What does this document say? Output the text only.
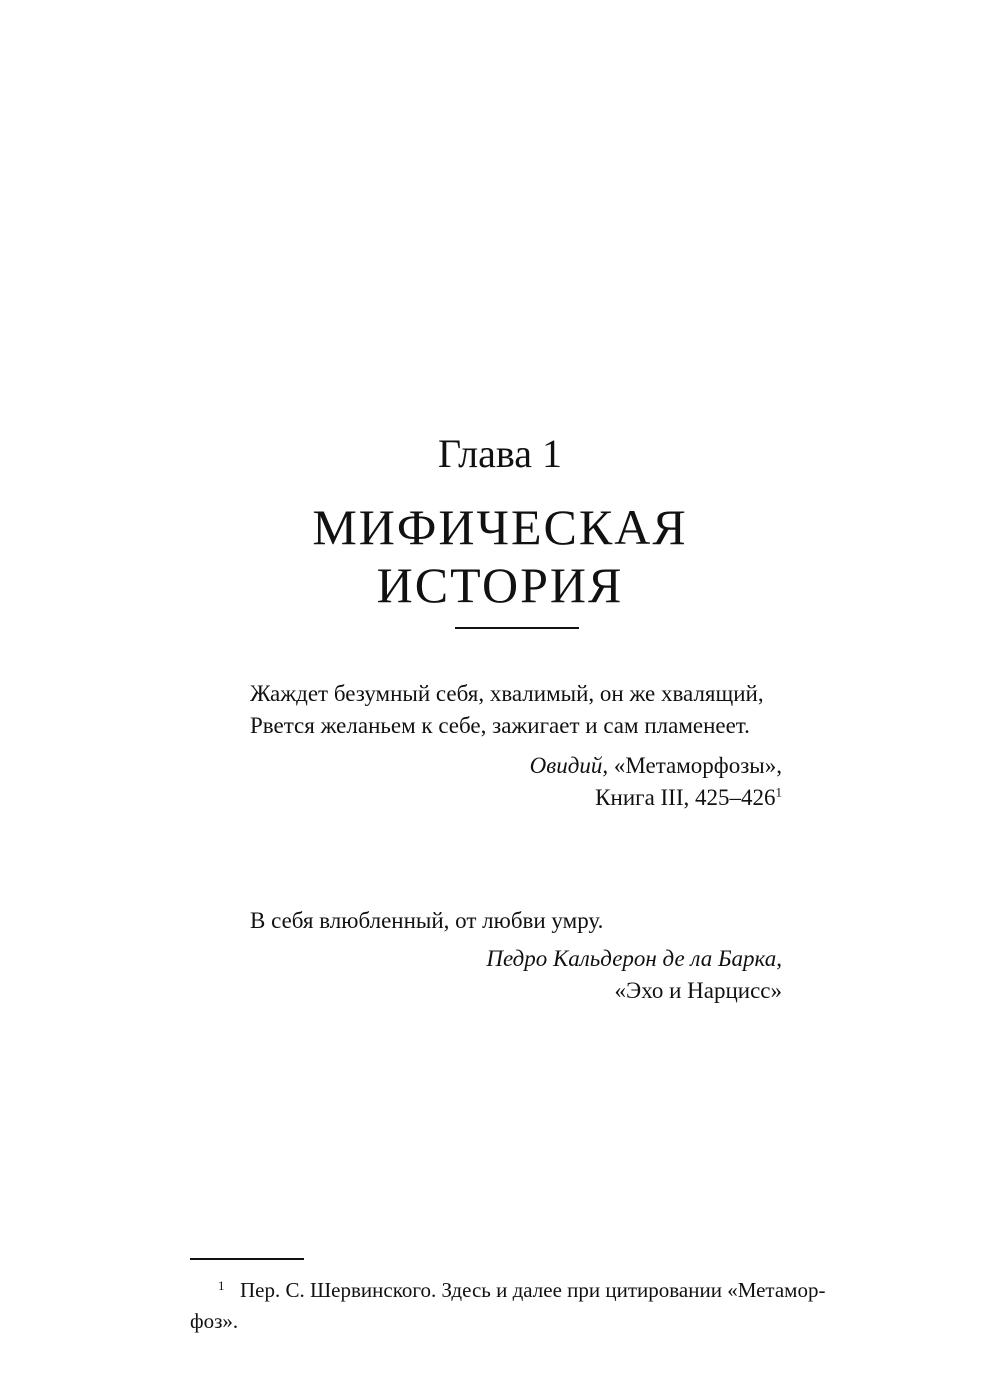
Глава 1
МИФИЧЕСКАЯ
ИСТОРИЯ
Жаждет безумный себя, хвалимый, он же хвалящий,
Рвется желаньем к себе, зажигает и сам пламенеет.
Овидий, «Метаморфозы»,
Книга III, 425–426$^1$
В себя влюбленный, от любви умру.
Педро Кальдерон де ла Барка,
«Эхо и Нарцисс»
1 Пер. С. Шервинского. Здесь и далее при цитировании «Метамор-
фоз».
